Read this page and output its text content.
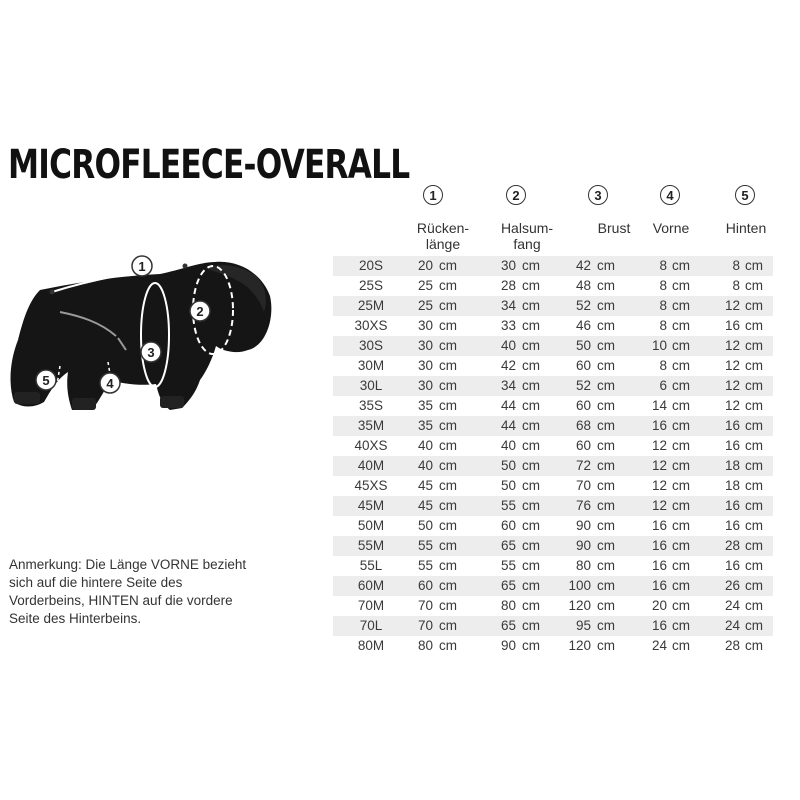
MICROFLEECE-OVERALL
1
2
3
4
5

Anmerkung: Die Länge VORNE bezieht sich auf die hintere Seite des Vorderbeins, HINTEN auf die vordere Seite des Hinterbeins.

1
Rücken-
länge
2
Halsum-
fang
3
Brust
4
Vorne
5
Hinten
20S	20 cm	30 cm	42 cm	8 cm	8 cm
25S	25 cm	28 cm	48 cm	8 cm	8 cm
25M	25 cm	34 cm	52 cm	8 cm	12 cm
30XS	30 cm	33 cm	46 cm	8 cm	16 cm
30S	30 cm	40 cm	50 cm	10 cm	12 cm
30M	30 cm	42 cm	60 cm	8 cm	12 cm
30L	30 cm	34 cm	52 cm	6 cm	12 cm
35S	35 cm	44 cm	60 cm	14 cm	12 cm
35M	35 cm	44 cm	68 cm	16 cm	16 cm
40XS	40 cm	40 cm	60 cm	12 cm	16 cm
40M	40 cm	50 cm	72 cm	12 cm	18 cm
45XS	45 cm	50 cm	70 cm	12 cm	18 cm
45M	45 cm	55 cm	76 cm	12 cm	16 cm
50M	50 cm	60 cm	90 cm	16 cm	16 cm
55M	55 cm	65 cm	90 cm	16 cm	28 cm
55L	55 cm	55 cm	80 cm	16 cm	16 cm
60M	60 cm	65 cm	100 cm	16 cm	26 cm
70M	70 cm	80 cm	120 cm	20 cm	24 cm
70L	70 cm	65 cm	95 cm	16 cm	24 cm
80M	80 cm	90 cm	120 cm	24 cm	28 cm
